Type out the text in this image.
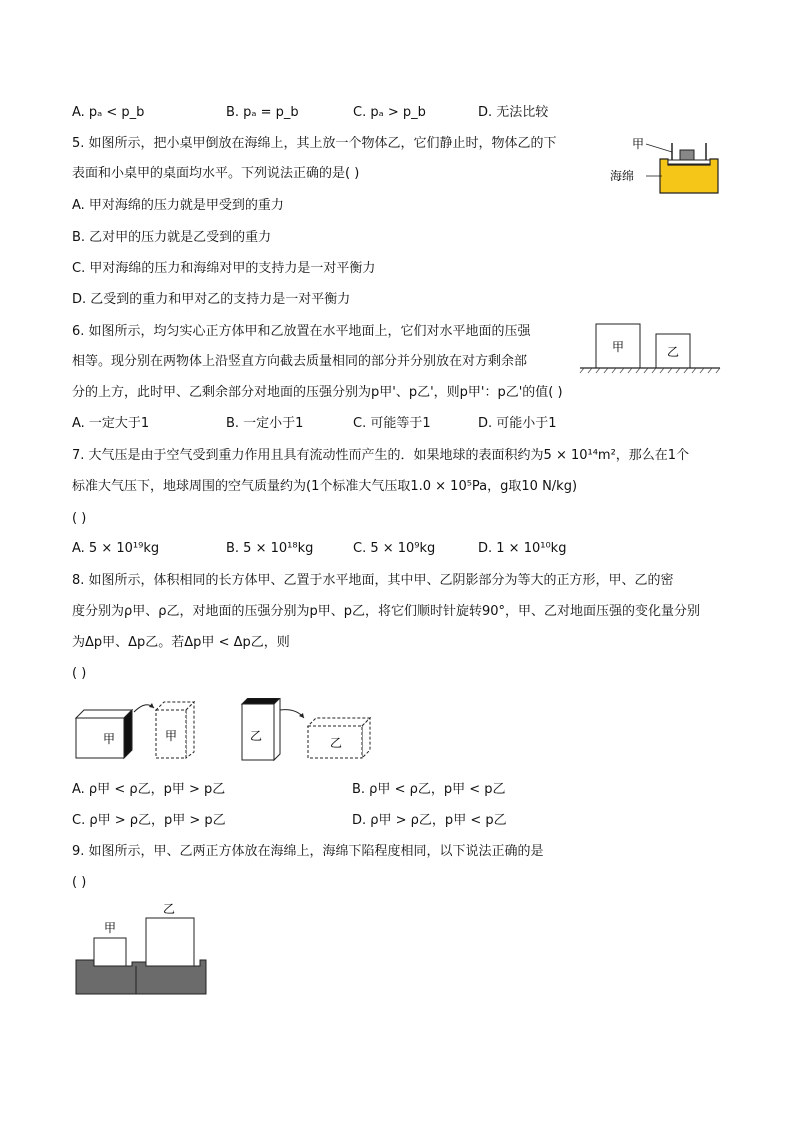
A. pₐ < p_b	B. pₐ = p_b	C. pₐ > p_b	D. 无法比较
5. 如图所示，把小桌甲倒放在海绵上，其上放一个物体乙，它们静止时，物体乙的下
表面和小桌甲的桌面均水平。下列说法正确的是( )
A. 甲对海绵的压力就是甲受到的重力
B. 乙对甲的压力就是乙受到的重力
C. 甲对海绵的压力和海绵对甲的支持力是一对平衡力
D. 乙受到的重力和甲对乙的支持力是一对平衡力
甲
海绵
6. 如图所示，均匀实心正方体甲和乙放置在水平地面上，它们对水平地面的压强
相等。现分别在两物体上沿竖直方向截去质量相同的部分并分别放在对方剩余部
分的上方，此时甲、乙剩余部分对地面的压强分别为p甲'、p乙'，则p甲'：p乙'的值( )
A. 一定大于1	B. 一定小于1	C. 可能等于1	D. 可能小于1
甲	乙
7. 大气压是由于空气受到重力作用且具有流动性而产生的．如果地球的表面积约为5 × 10¹⁴m²，那么在1个
标准大气压下，地球周围的空气质量约为(1个标准大气压取1.0 × 10⁵Pa，g取10 N/kg)
( )
A. 5 × 10¹⁹kg	B. 5 × 10¹⁸kg	C. 5 × 10⁹kg	D. 1 × 10¹⁰kg
8. 如图所示，体积相同的长方体甲、乙置于水平地面，其中甲、乙阴影部分为等大的正方形，甲、乙的密
度分别为ρ甲、ρ乙，对地面的压强分别为p甲、p乙，将它们顺时针旋转90°，甲、乙对地面压强的变化量分别
为Δp甲、Δp乙。若Δp甲 < Δp乙，则
( )
甲	甲	乙	乙
A. ρ甲 < ρ乙，p甲 > p乙	B. ρ甲 < ρ乙，p甲 < p乙
C. ρ甲 > ρ乙，p甲 > p乙	D. ρ甲 > ρ乙，p甲 < p乙
9. 如图所示，甲、乙两正方体放在海绵上，海绵下陷程度相同，以下说法正确的是
( )
甲
乙
